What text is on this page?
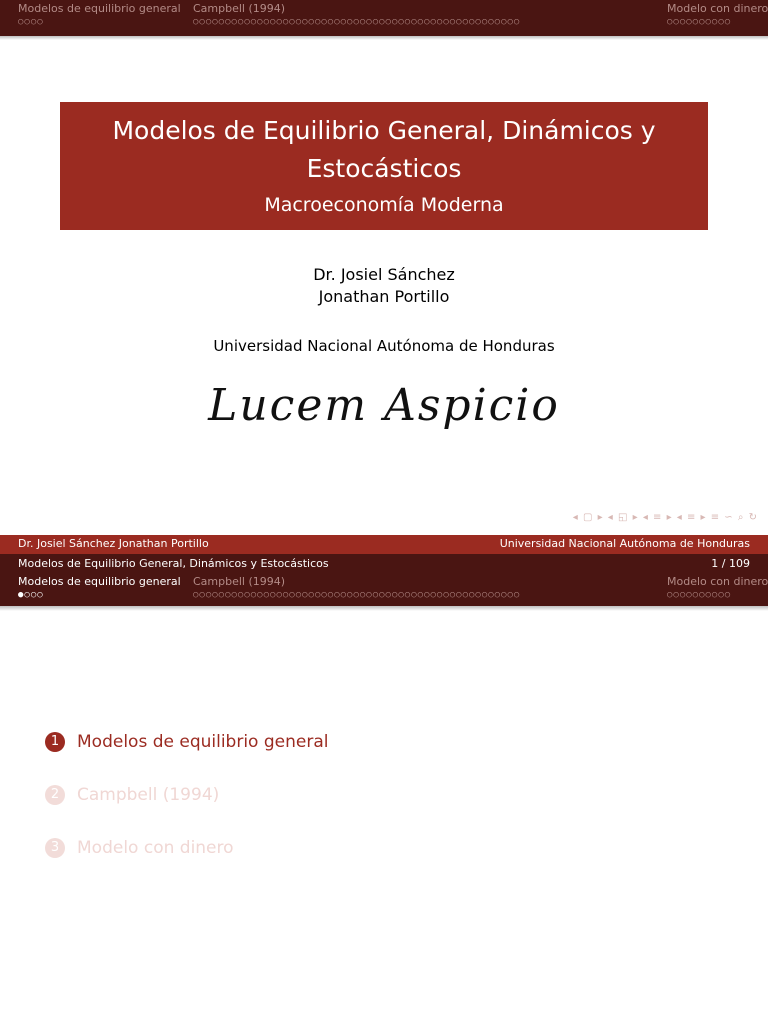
Modelos de equilibrio general Campbell (1994)	Modelo con dinero
○○○○	○○○○○○○○○○○○○○○○○○○○○○○○○○○○○○○○○○○○○○○○○○○○○○○○○○○	○○○○○○○○○○
Modelos de Equilibrio General, Dinámicos y Estocásticos
Macroeconomía Moderna
Dr. Josiel Sánchez
Jonathan Portillo
Universidad Nacional Autónoma de Honduras
Lucem Aspicio
◂ ▢ ▸ ◂ ◱ ▸ ◂ ≡ ▸ ◂ ≡ ▸ ≡ ∽ ⌕ ↻
Dr. Josiel Sánchez Jonathan Portillo	Universidad Nacional Autónoma de Honduras
Modelos de Equilibrio General, Dinámicos y Estocásticos	1 / 109
Modelos de equilibrio general Campbell (1994)	Modelo con dinero
●○○○	○○○○○○○○○○○○○○○○○○○○○○○○○○○○○○○○○○○○○○○○○○○○○○○○○○○	○○○○○○○○○○
1	Modelos de equilibrio general
2	Campbell (1994)
3	Modelo con dinero
